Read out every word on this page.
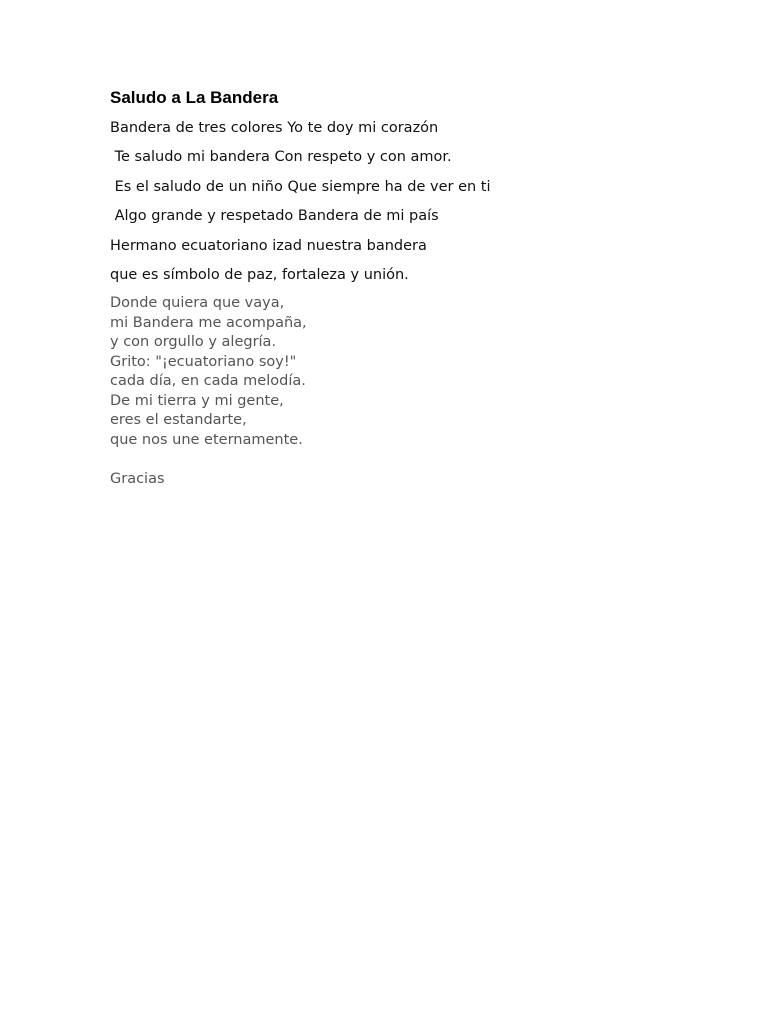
Saludo a La Bandera
Bandera de tres colores Yo te doy mi corazón
Te saludo mi bandera Con respeto y con amor.
Es el saludo de un niño Que siempre ha de ver en ti
Algo grande y respetado Bandera de mi país
Hermano ecuatoriano izad nuestra bandera
que es símbolo de paz, fortaleza y unión.
Donde quiera que vaya,
mi Bandera me acompaña,
y con orgullo y alegría.
Grito: "¡ecuatoriano soy!"
cada día, en cada melodía.
De mi tierra y mi gente,
eres el estandarte,
que nos une eternamente.
Gracias
